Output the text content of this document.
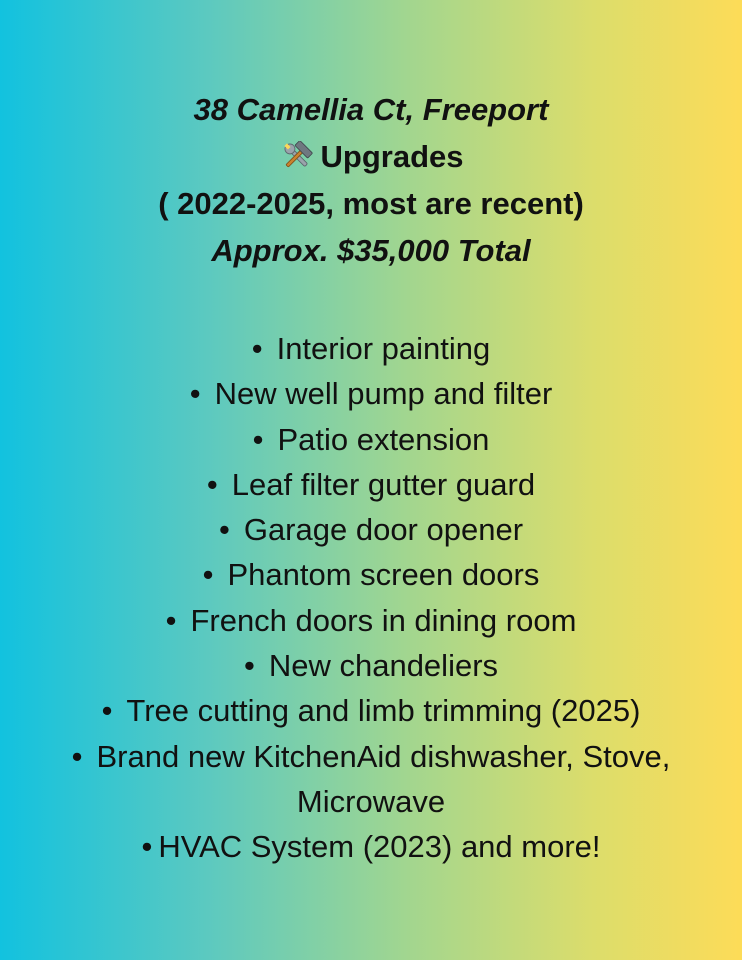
38 Camellia Ct, Freeport
Upgrades
( 2022-2025, most are recent)
Approx. $35,000 Total
• Interior painting
• New well pump and filter
• Patio extension
• Leaf filter gutter guard
• Garage door opener
• Phantom screen doors
• French doors in dining room
• New chandeliers
• Tree cutting and limb trimming (2025)
• Brand new KitchenAid dishwasher, Stove, Microwave
• HVAC System (2023) and more!
